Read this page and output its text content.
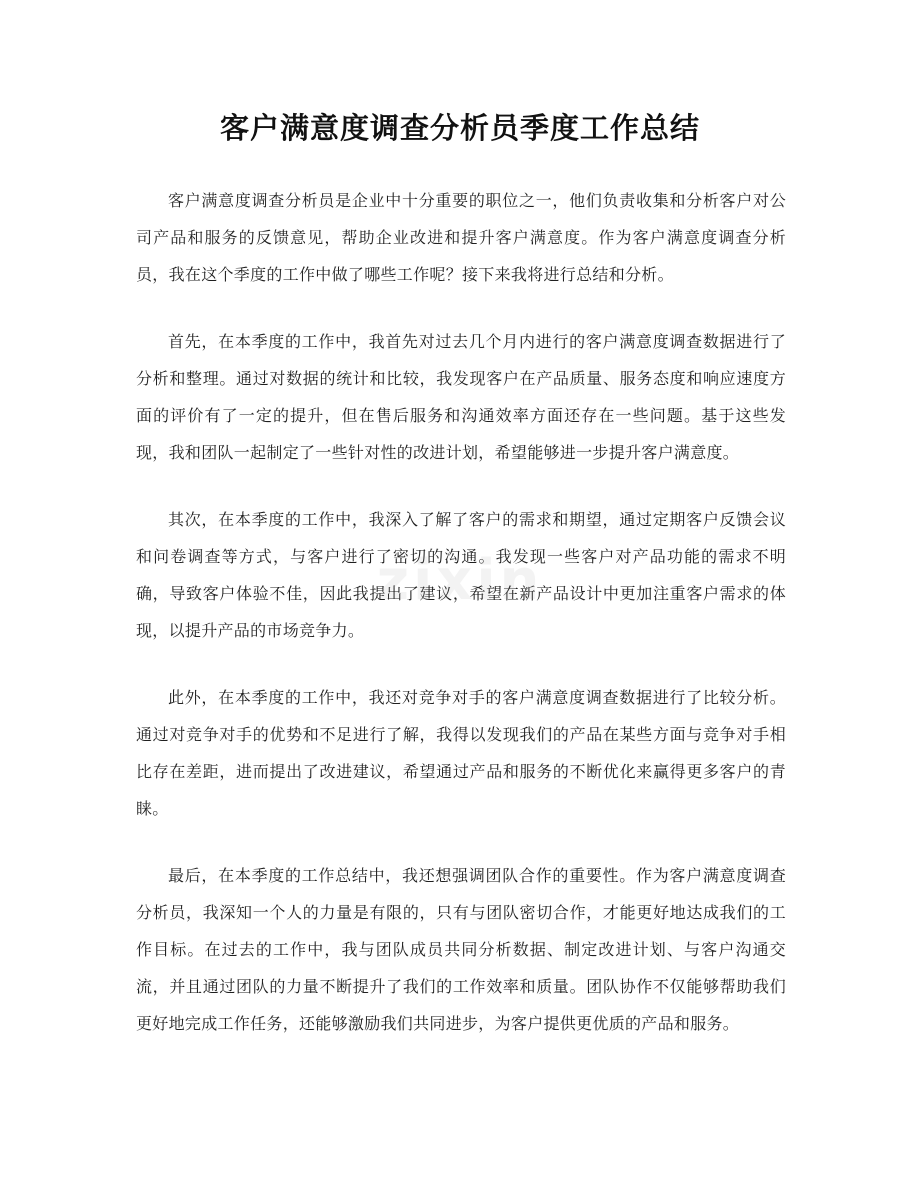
客户满意度调查分析员季度工作总结

客户满意度调查分析员是企业中十分重要的职位之一，他们负责收集和分析客户对公司产品和服务的反馈意见，帮助企业改进和提升客户满意度。作为客户满意度调查分析员，我在这个季度的工作中做了哪些工作呢？接下来我将进行总结和分析。

首先，在本季度的工作中，我首先对过去几个月内进行的客户满意度调查数据进行了分析和整理。通过对数据的统计和比较，我发现客户在产品质量、服务态度和响应速度方面的评价有了一定的提升，但在售后服务和沟通效率方面还存在一些问题。基于这些发现，我和团队一起制定了一些针对性的改进计划，希望能够进一步提升客户满意度。

其次，在本季度的工作中，我深入了解了客户的需求和期望，通过定期客户反馈会议和问卷调查等方式，与客户进行了密切的沟通。我发现一些客户对产品功能的需求不明确，导致客户体验不佳，因此我提出了建议，希望在新产品设计中更加注重客户需求的体现，以提升产品的市场竞争力。

此外，在本季度的工作中，我还对竞争对手的客户满意度调查数据进行了比较分析。通过对竞争对手的优势和不足进行了解，我得以发现我们的产品在某些方面与竞争对手相比存在差距，进而提出了改进建议，希望通过产品和服务的不断优化来赢得更多客户的青睐。

最后，在本季度的工作总结中，我还想强调团队合作的重要性。作为客户满意度调查分析员，我深知一个人的力量是有限的，只有与团队密切合作，才能更好地达成我们的工作目标。在过去的工作中，我与团队成员共同分析数据、制定改进计划、与客户沟通交流，并且通过团队的力量不断提升了我们的工作效率和质量。团队协作不仅能够帮助我们更好地完成工作任务，还能够激励我们共同进步，为客户提供更优质的产品和服务。

zixin
